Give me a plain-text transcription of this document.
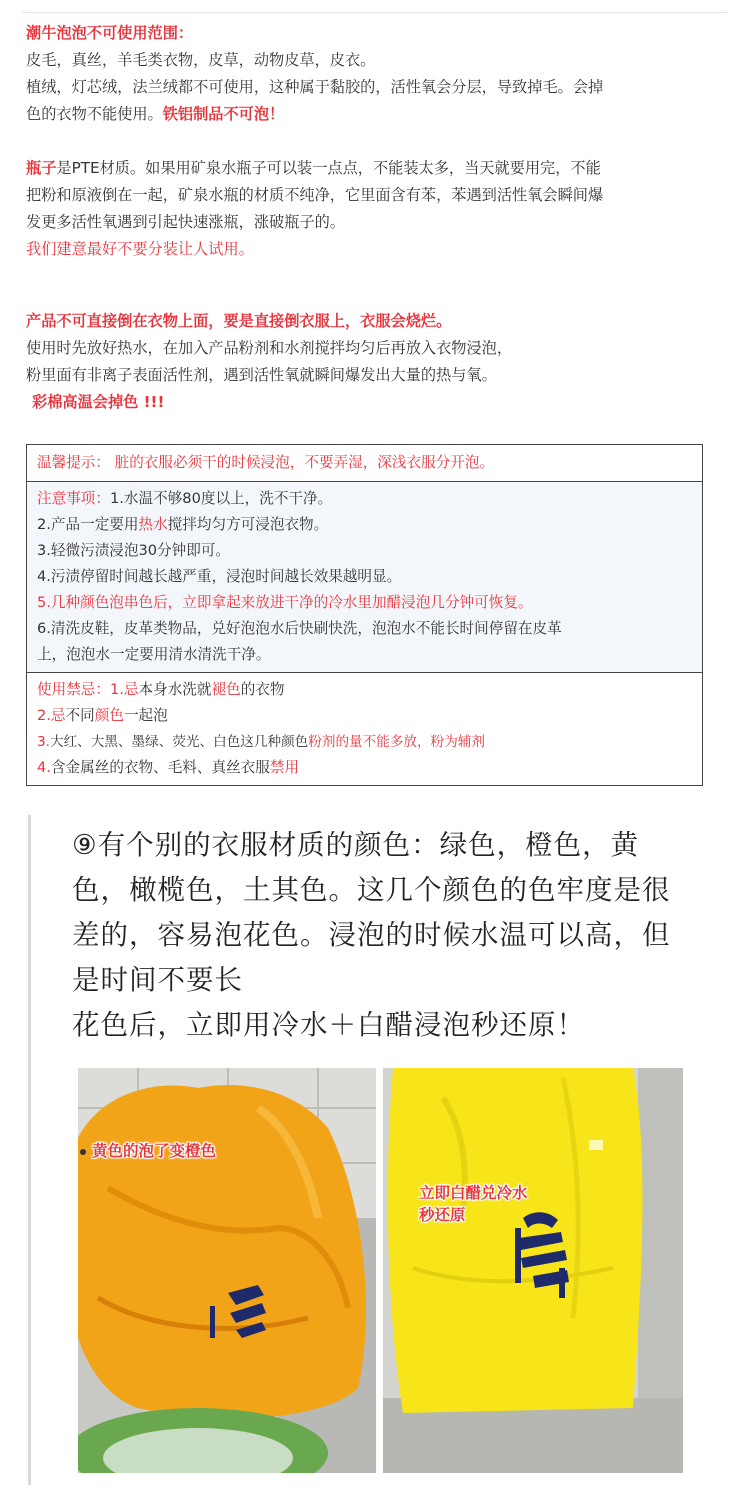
潮牛泡泡不可使用范围：
皮毛，真丝，羊毛类衣物，皮草，动物皮草，皮衣。
植绒，灯芯绒，法兰绒都不可使用，这种属于黏胶的，活性氧会分层，导致掉毛。会掉
色的衣物不能使用。铁铝制品不可泡！
瓶子是PTE材质。如果用矿泉水瓶子可以装一点点，不能装太多，当天就要用完，不能
把粉和原液倒在一起，矿泉水瓶的材质不纯净，它里面含有苯，苯遇到活性氧会瞬间爆
发更多活性氧遇到引起快速涨瓶，涨破瓶子的。
我们建意最好不要分装让人试用。
产品不可直接倒在衣物上面，要是直接倒衣服上，衣服会烧烂。
使用时先放好热水，在加入产品粉剂和水剂搅拌均匀后再放入衣物浸泡，
粉里面有非离子表面活性剂，遇到活性氧就瞬间爆发出大量的热与氧。
彩棉高温会掉色 !!!
温馨提示： 脏的衣服必须干的时候浸泡，不要弄湿，深浅衣服分开泡。
注意事项：1.水温不够80度以上，洗不干净。
2.产品一定要用热水搅拌均匀方可浸泡衣物。
3.轻微污渍浸泡30分钟即可。
4.污渍停留时间越长越严重，浸泡时间越长效果越明显。
5.几种颜色泡串色后，立即拿起来放进干净的冷水里加醋浸泡几分钟可恢复。
6.清洗皮鞋，皮革类物品，兑好泡泡水后快刷快洗，泡泡水不能长时间停留在皮革
上，泡泡水一定要用清水清洗干净。
使用禁忌：1.忌本身水洗就褪色的衣物
2.忌不同颜色一起泡
3.大红、大黑、墨绿、荧光、白色这几种颜色粉剂的量不能多放，粉为辅剂
4.含金属丝的衣物、毛料、真丝衣服禁用
⑨有个别的衣服材质的颜色：绿色，橙色，黄
色，橄榄色，土其色。这几个颜色的色牢度是很
差的，容易泡花色。浸泡的时候水温可以高，但
是时间不要长
花色后，立即用冷水＋白醋浸泡秒还原！
黄色的泡了变橙色
立即白醋兑冷水
秒还原
